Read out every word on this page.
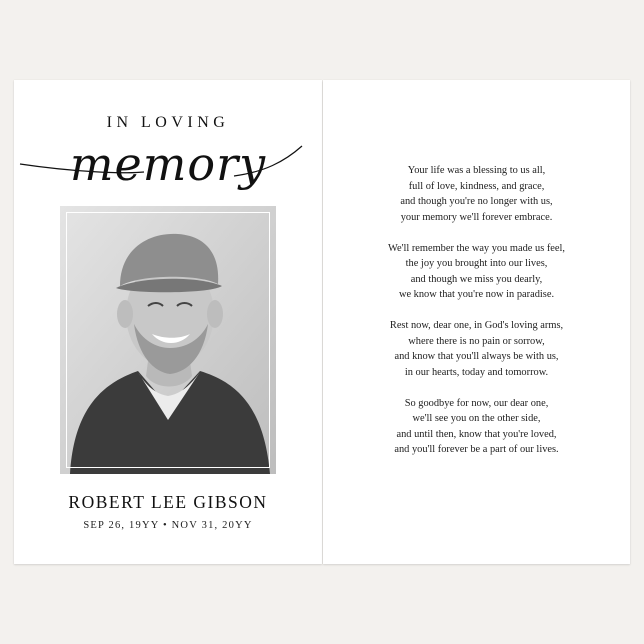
IN LOVING
memory
ROBERT LEE GIBSON
SEP 26, 19YY • NOV 31, 20YY
Your life was a blessing to us all,
full of love, kindness, and grace,
and though you're no longer with us,
your memory we'll forever embrace.
We'll remember the way you made us feel,
the joy you brought into our lives,
and though we miss you dearly,
we know that you're now in paradise.
Rest now, dear one, in God's loving arms,
where there is no pain or sorrow,
and know that you'll always be with us,
in our hearts, today and tomorrow.
So goodbye for now, our dear one,
we'll see you on the other side,
and until then, know that you're loved,
and you'll forever be a part of our lives.
